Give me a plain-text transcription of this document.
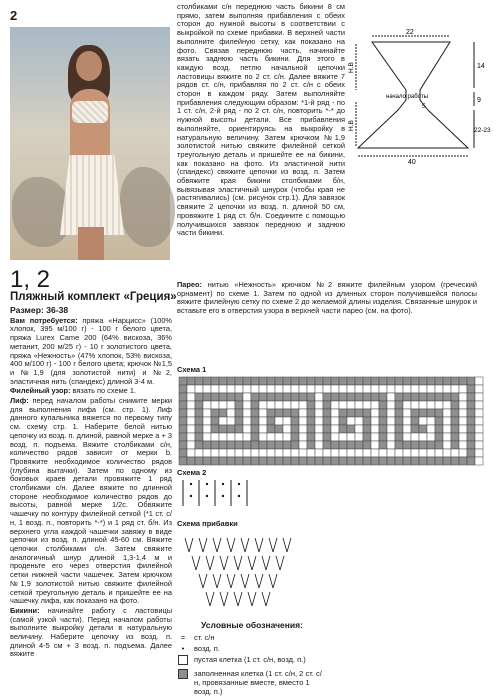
2
1, 2
Пляжный комплект «Греция»

Размер: 36-38

Вам потребуется: пряжа «Нарцисс» (100% хлопок, 395 м/100 г) - 100 г белого цвета, пряжа Lurex Came 200 (64% вискоза, 36% метанит, 200 м/25 г) - 10 г золотистого цвета, пряжа «Нежность» (47% хлопок, 53% вискоза, 400 м/100 г) - 100 г белого цвета; крючок №1,5 и №1,9 (для золотистой нити) и №2, эластичная нить (спандекс) длиной 3-4 м.

Филейный узор: вязать по схеме 1.

Лиф: перед началом работы снимите мерки для выполнения лифа (см. стр. 1). Лиф данного купальника вяжется по первому типу см. схему стр. 1. Наберите белой нитью цепочку из возд. п. длиной, равной мерке а + 3 возд. п. подъема. Вяжите столбиками с/н, количество рядов зависит от мерки b. Провяжите необходимое количество рядов (глубина вытачки). Затем по одному из боковых краев детали провяжите 1 ряд столбиками с/н. Далее вяжите по длинной стороне необходимое количество рядов до высоты, равной мерке 1/2с. Обвяжите чашечку по контуру филейной сеткой (*1 ст. с/н, 1 возд. п., повторить *-*) и 1 ряд ст. б/н. Из верхнего угла каждой чашечки завяжу в виде цепочки из возд. п. длиной 45-60 см. Вяжите цепочки столбиками с/н. Затем свяжите аналогичный шнур длиной 1,3-1,4 м и проденьте его через отверстия филейной сетки нижней части чашечек. Затем крючком №1,9 золотистой нитью свяжите филейной сеткой треугольную деталь и пришейте ее на чашечку лифа, как показано на фото.

Бикини: начинайте работу с ластовицы (самой узкой части). Перед началом работы выполните выкройку детали в натуральную величину. Наберите цепочку из возд. п. длиной 4-5 см + 3 возд. п. подъема. Далее вяжите

столбиками с/н переднюю часть бикини 8 см прямо, затем выполняя прибавления с обеих сторон до нужной высоты в соответствии с выкройкой по схеме прибавки. В верхней части выполните филейную сетку, как показано на фото. Связав переднюю часть, начинайте вязать заднюю часть бикини. Для этого в каждую возд. петлю начальной цепочки ластовицы вяжите по 2 ст. с/н. Далее вяжите 7 рядов ст. с/н, прибавляя по 2 ст. с/н с обеих сторон в каждом ряду. Затем выполняйте прибавления следующим образом: *1-й ряд - по 1 ст. с/н, 2-й ряд - по 2 ст. с/н, повторить *-* до нужной высоты детали. Все прибавления выполняйте, ориентируясь на выкройку в натуральную величину. Затем крючком №1,9 золотистой нитью свяжите филейной сеткой треугольную деталь и пришейте ее на бикини, как показано на фото. Из эластичной нити (спандекс) свяжите цепочки из возд. п. Затем обвяжите края бикини столбиками б/н, вывязывая эластичный шнурок (чтобы края не растягивались) (см. рисунок стр.1). Для завязок свяжите 2 цепочки из возд. п. длиной 50 см, провяжите 1 ряд ст. б/н. Соедините с помощью получившихся завязок переднюю и заднюю части бикини.

Парео: нитью «Нежность» крючком №2 вяжите филейным узором (греческий орнамент) по схеме 1. Затем по одной из длинных сторон получившейся полосы вяжите филейную сетку по схеме 2 до желаемой длины изделия. Связанные шнурок и вставьте его в отверстия узора в верхней части парео (см. на фото).

22
40
14
9
22-23
Н.В
Н.В
начало работы
5
Схема 1
Схема 2
Схема прибавки
Условные обозначения:
=	ст. с/н
•	возд. п.
пустая клетка (1 ст. с/н, возд. п.)
заполненная клетка (1 ст. с/н, 2 ст. с/н, провязанные вместе, вместо 1 возд. п.)
